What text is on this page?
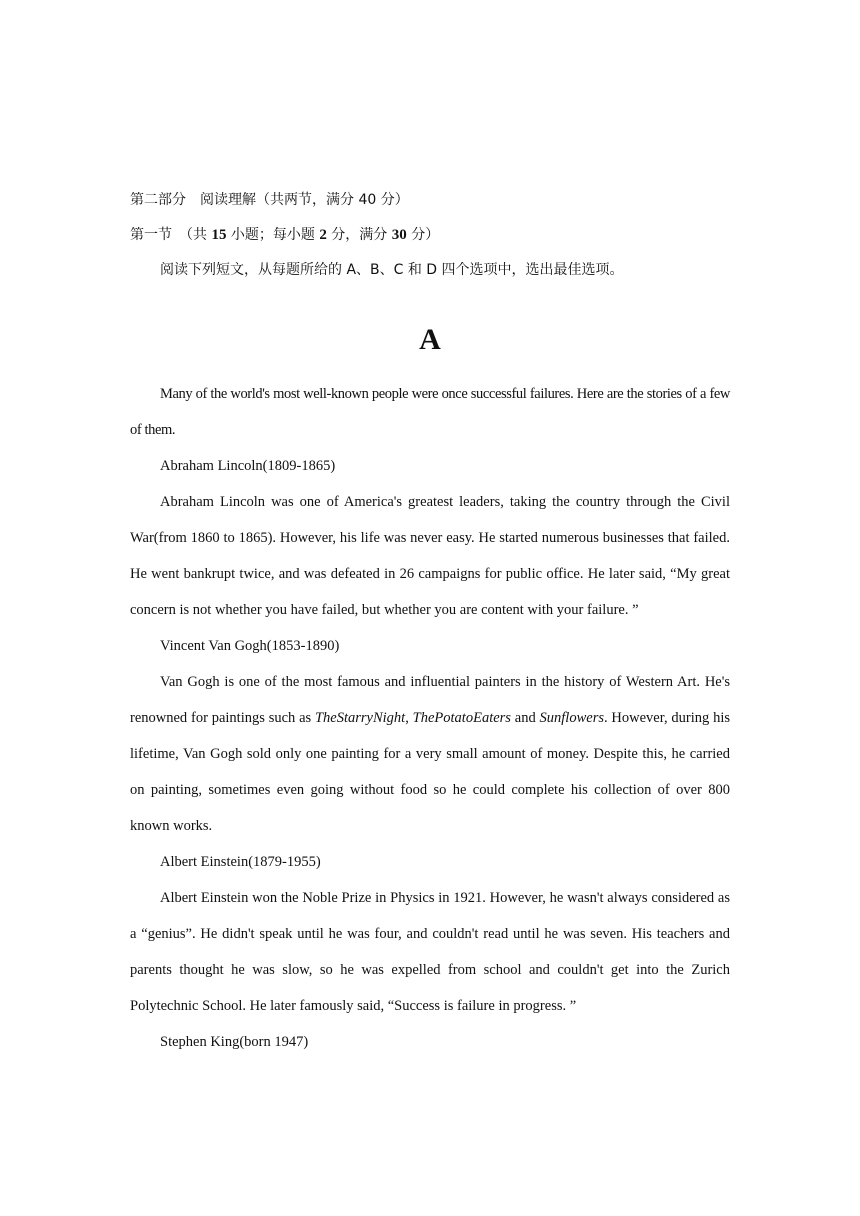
第二部分　阅读理解（共两节，满分 40 分）
第一节　（共 15 小题；每小题 2 分，满分 30 分）
阅读下列短文，从每题所给的 A、B、C 和 D 四个选项中，选出最佳选项。
A

Many of the world's most well-known people were once successful failures. Here are the stories of a few of them.

Abraham Lincoln(1809-1865)

Abraham Lincoln was one of America's greatest leaders, taking the country through the Civil War(from 1860 to 1865). However, his life was never easy. He started numerous businesses that failed. He went bankrupt twice, and was defeated in 26 campaigns for public office. He later said, “My great concern is not whether you have failed, but whether you are content with your failure. ”

Vincent Van Gogh(1853-1890)

Van Gogh is one of the most famous and influential painters in the history of Western Art. He's renowned for paintings such as TheStarryNight, ThePotatoEaters and Sunflowers. However, during his lifetime, Van Gogh sold only one painting for a very small amount of money. Despite this, he carried on painting, sometimes even going without food so he could complete his collection of over 800 known works.

Albert Einstein(1879-1955)

Albert Einstein won the Noble Prize in Physics in 1921. However, he wasn't always considered as a “genius”. He didn't speak until he was four, and couldn't read until he was seven. His teachers and parents thought he was slow, so he was expelled from school and couldn't get into the Zurich Polytechnic School. He later famously said, “Success is failure in progress. ”

Stephen King(born 1947)
